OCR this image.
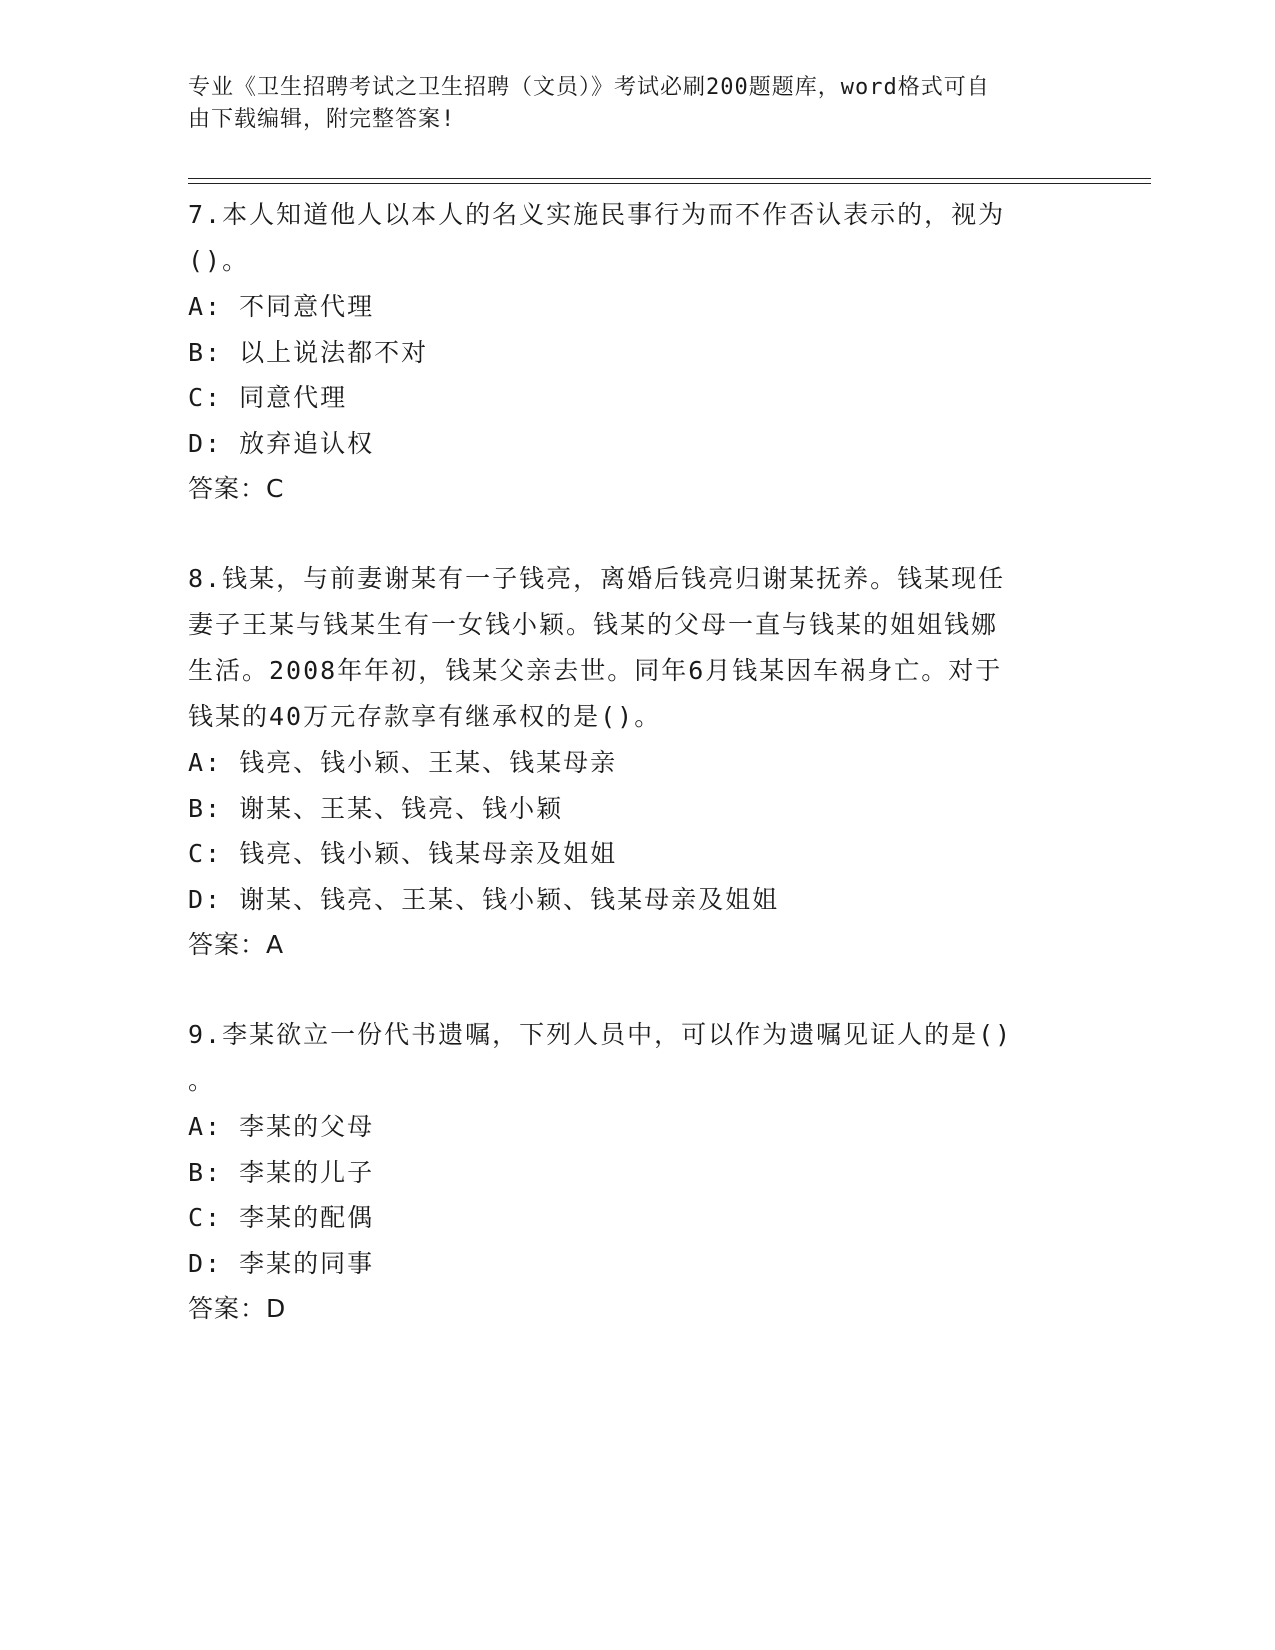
专业《卫生招聘考试之卫生招聘（文员）》考试必刷200题题库，word格式可自
由下载编辑，附完整答案!
7.本人知道他人以本人的名义实施民事行为而不作否认表示的，视为
()。
A: 不同意代理
B: 以上说法都不对
C: 同意代理
D: 放弃追认权
答案：C
8.钱某，与前妻谢某有一子钱亮，离婚后钱亮归谢某抚养。钱某现任
妻子王某与钱某生有一女钱小颖。钱某的父母一直与钱某的姐姐钱娜
生活。2008年年初，钱某父亲去世。同年6月钱某因车祸身亡。对于
钱某的40万元存款享有继承权的是()。
A: 钱亮、钱小颖、王某、钱某母亲
B: 谢某、王某、钱亮、钱小颖
C: 钱亮、钱小颖、钱某母亲及姐姐
D: 谢某、钱亮、王某、钱小颖、钱某母亲及姐姐
答案：A
9.李某欲立一份代书遗嘱，下列人员中，可以作为遗嘱见证人的是()
。
A: 李某的父母
B: 李某的儿子
C: 李某的配偶
D: 李某的同事
答案：D
